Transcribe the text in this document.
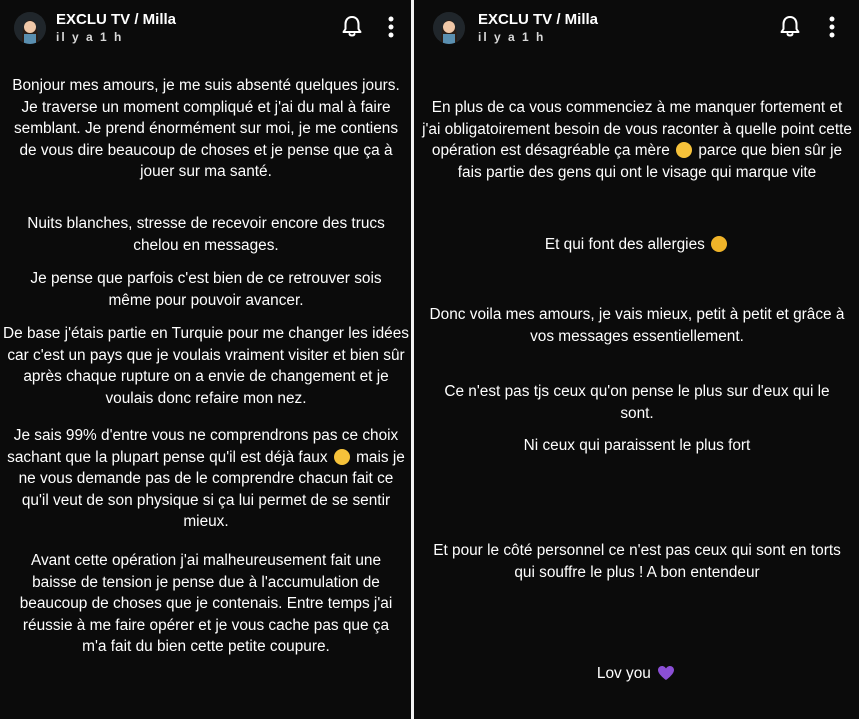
EXCLU TV / Milla
il y a 1 h
Bonjour mes amours, je me suis absenté quelques jours. Je traverse un moment compliqué et j'ai du mal à faire semblant. Je prend énormément sur moi, je me contiens de vous dire beaucoup de choses et je pense que ça à jouer sur ma santé.
Nuits blanches, stresse de recevoir encore des trucs chelou en messages.
Je pense que parfois c'est bien de ce retrouver sois même pour pouvoir avancer.
De base j'étais partie en Turquie pour me changer les idées car c'est un pays que je voulais vraiment visiter et bien sûr après chaque rupture on a envie de changement et je voulais donc refaire mon nez.
Je sais 99% d'entre vous ne comprendrons pas ce choix sachant que la plupart pense qu'il est déjà faux mais je ne vous demande pas de le comprendre chacun fait ce qu'il veut de son physique si ça lui permet de se sentir mieux.
Avant cette opération j'ai malheureusement fait une baisse de tension je pense due à l'accumulation de beaucoup de choses que je contenais. Entre temps j'ai réussie à me faire opérer et je vous cache pas que ça m'a fait du bien cette petite coupure.
EXCLU TV / Milla
il y a 1 h
En plus de ca vous commenciez à me manquer fortement et j'ai obligatoirement besoin de vous raconter à quelle point cette opération est désagréable ça mère parce que bien sûr je fais partie des gens qui ont le visage qui marque vite
Et qui font des allergies
Donc voila mes amours, je vais mieux, petit à petit et grâce à vos messages essentiellement.
Ce n'est pas tjs ceux qu'on pense le plus sur d'eux qui le sont.
Ni ceux qui paraissent le plus fort
Et pour le côté personnel ce n'est pas ceux qui sont en torts qui souffre le plus ! A bon entendeur
Lov you
